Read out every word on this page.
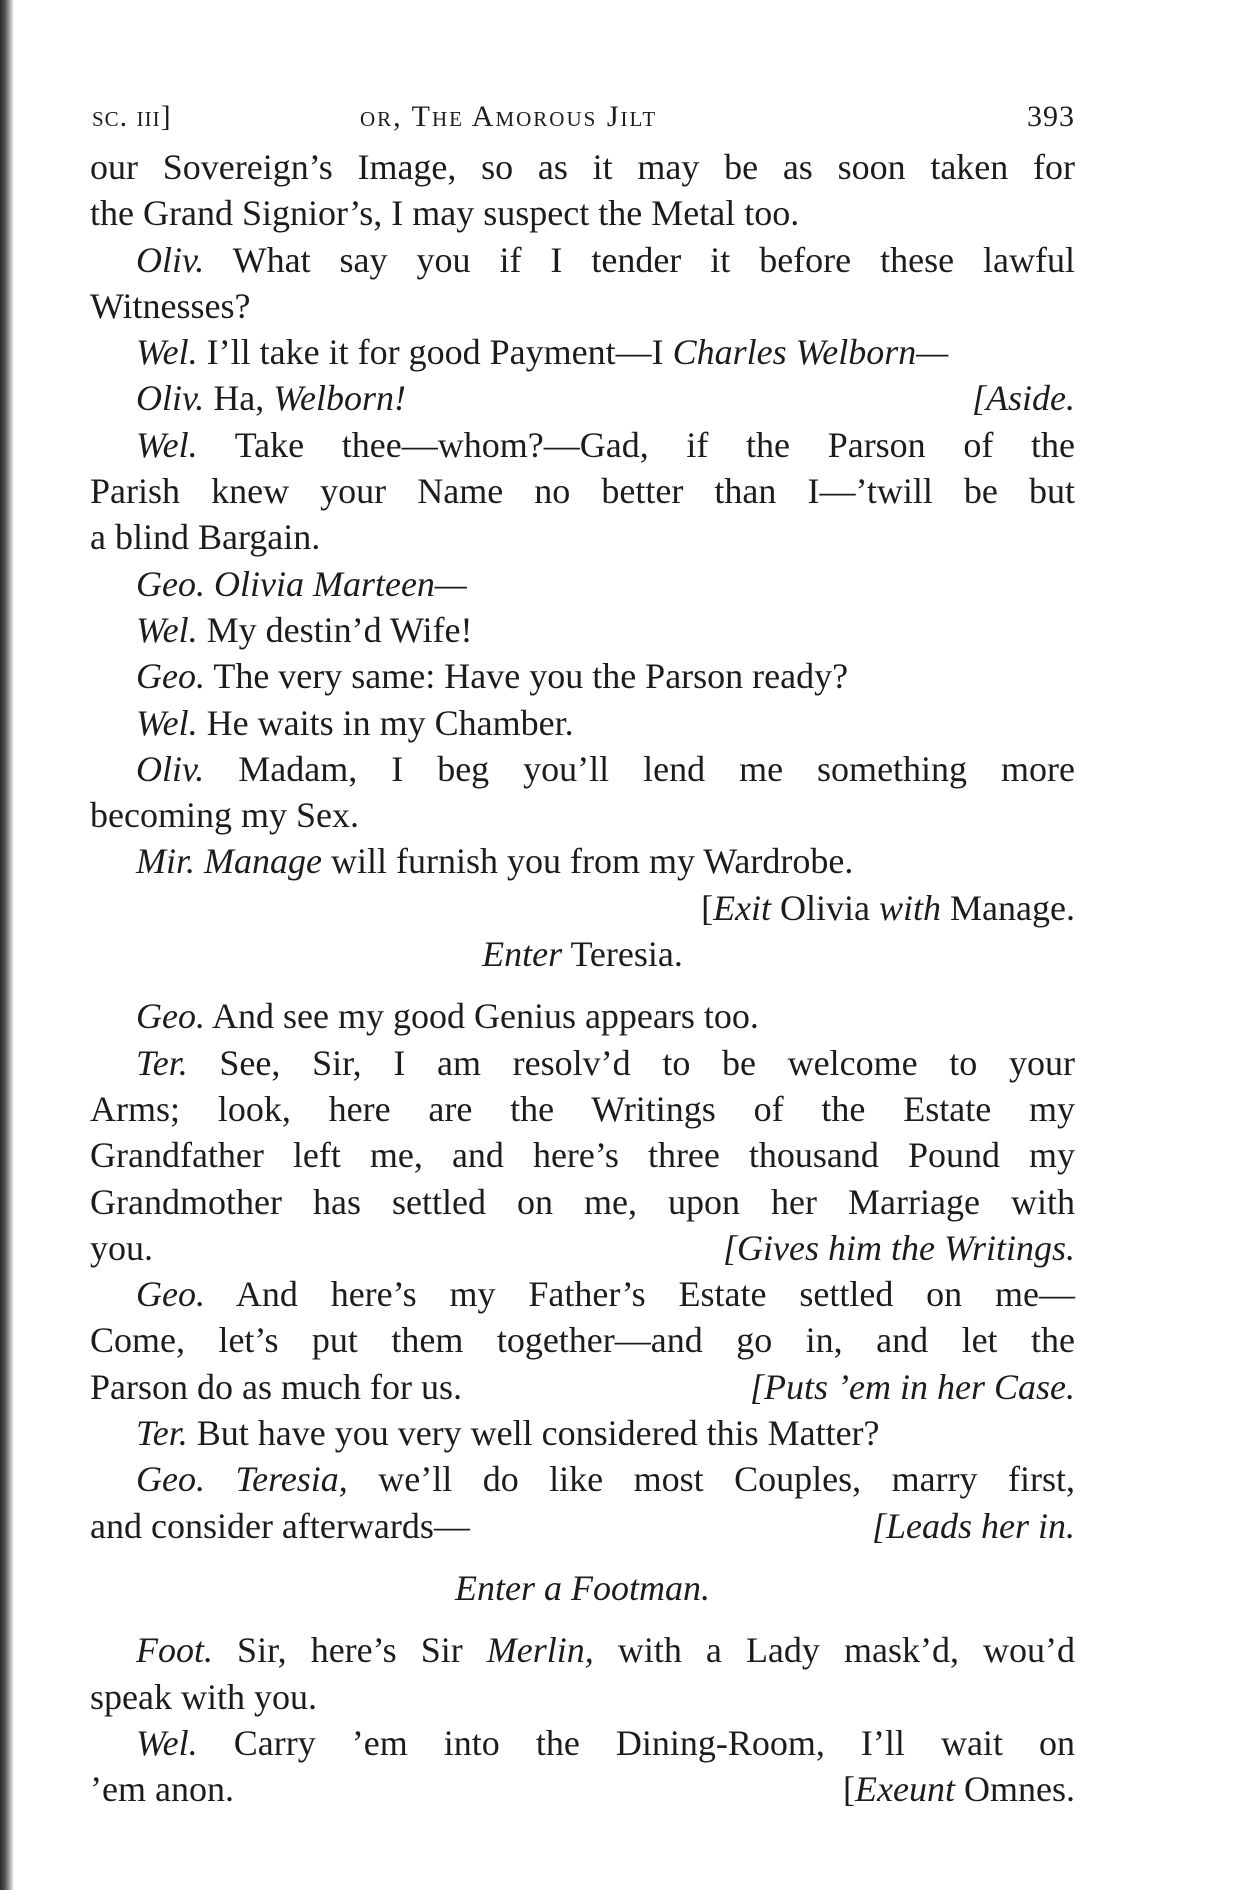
sc. iii]	or, The Amorous Jilt	393
our Sovereign’s Image, so as it may be as soon taken for
the Grand Signior’s, I may suspect the Metal too.
Oliv. What say you if I tender it before these lawful
Witnesses?
Wel. I’ll take it for good Payment—I Charles Welborn—
Oliv. Ha, Welborn!	[Aside.
Wel. Take thee—whom?—Gad, if the Parson of the
Parish knew your Name no better than I—’twill be but
a blind Bargain.
Geo. Olivia Marteen—
Wel. My destin’d Wife!
Geo. The very same: Have you the Parson ready?
Wel. He waits in my Chamber.
Oliv. Madam, I beg you’ll lend me something more
becoming my Sex.
Mir. Manage will furnish you from my Wardrobe.
[Exit Olivia with Manage.
Enter Teresia.
Geo. And see my good Genius appears too.
Ter. See, Sir, I am resolv’d to be welcome to your
Arms; look, here are the Writings of the Estate my
Grandfather left me, and here’s three thousand Pound my
Grandmother has settled on me, upon her Marriage with
you.	[Gives him the Writings.
Geo. And here’s my Father’s Estate settled on me—
Come, let’s put them together—and go in, and let the
Parson do as much for us.	[Puts ’em in her Case.
Ter. But have you very well considered this Matter?
Geo. Teresia, we’ll do like most Couples, marry first,
and consider afterwards—	[Leads her in.
Enter a Footman.
Foot. Sir, here’s Sir Merlin, with a Lady mask’d, wou’d
speak with you.
Wel. Carry ’em into the Dining-Room, I’ll wait on
’em anon.	[Exeunt Omnes.
